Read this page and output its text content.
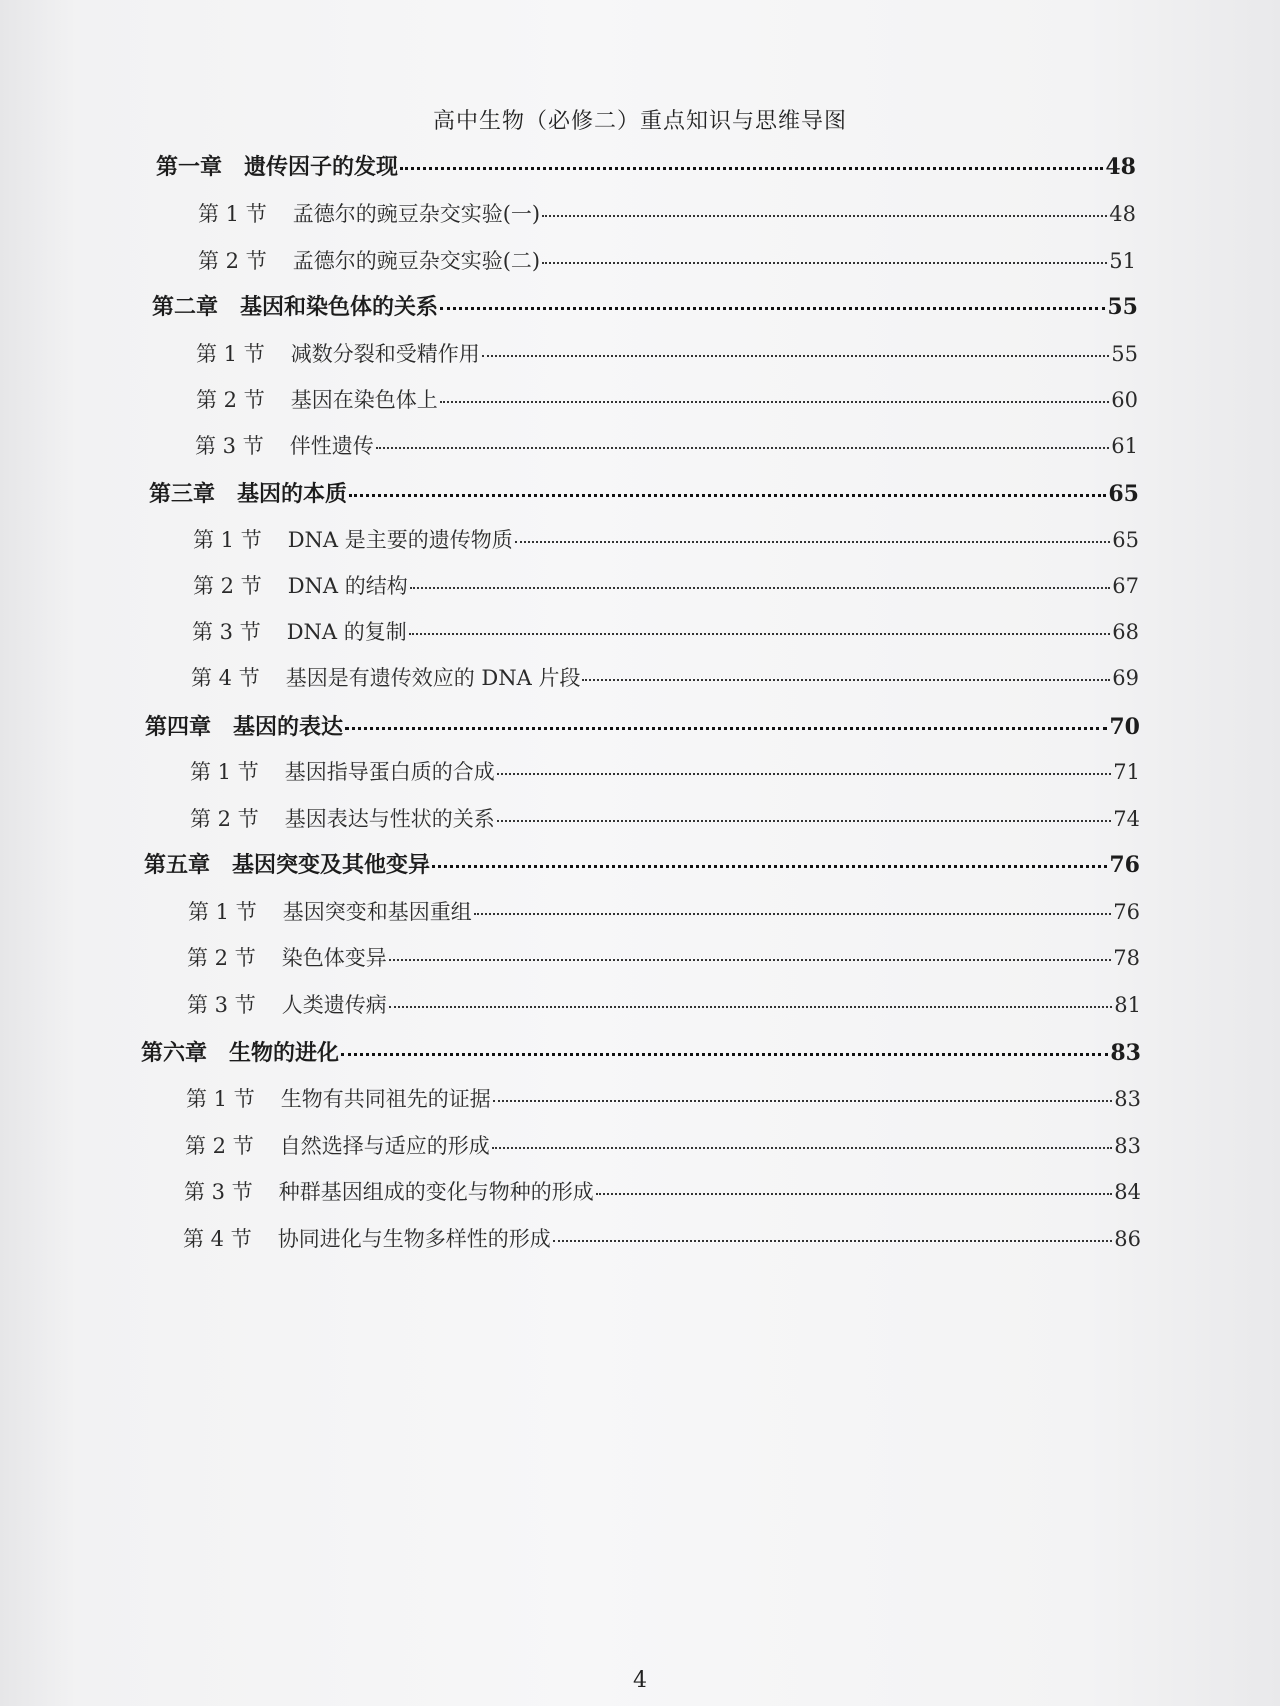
高中生物（必修二）重点知识与思维导图
第一章 遗传因子的发现	48
第 1 节 孟德尔的豌豆杂交实验(一)	48
第 2 节 孟德尔的豌豆杂交实验(二)	51
第二章 基因和染色体的关系	55
第 1 节 减数分裂和受精作用	55
第 2 节 基因在染色体上	60
第 3 节 伴性遗传	61
第三章 基因的本质	65
第 1 节 DNA 是主要的遗传物质	65
第 2 节 DNA 的结构	67
第 3 节 DNA 的复制	68
第 4 节 基因是有遗传效应的 DNA 片段	69
第四章 基因的表达	70
第 1 节 基因指导蛋白质的合成	71
第 2 节 基因表达与性状的关系	74
第五章 基因突变及其他变异	76
第 1 节 基因突变和基因重组	76
第 2 节 染色体变异	78
第 3 节 人类遗传病	81
第六章 生物的进化	83
第 1 节 生物有共同祖先的证据	83
第 2 节 自然选择与适应的形成	83
第 3 节 种群基因组成的变化与物种的形成	84
第 4 节 协同进化与生物多样性的形成	86
4
